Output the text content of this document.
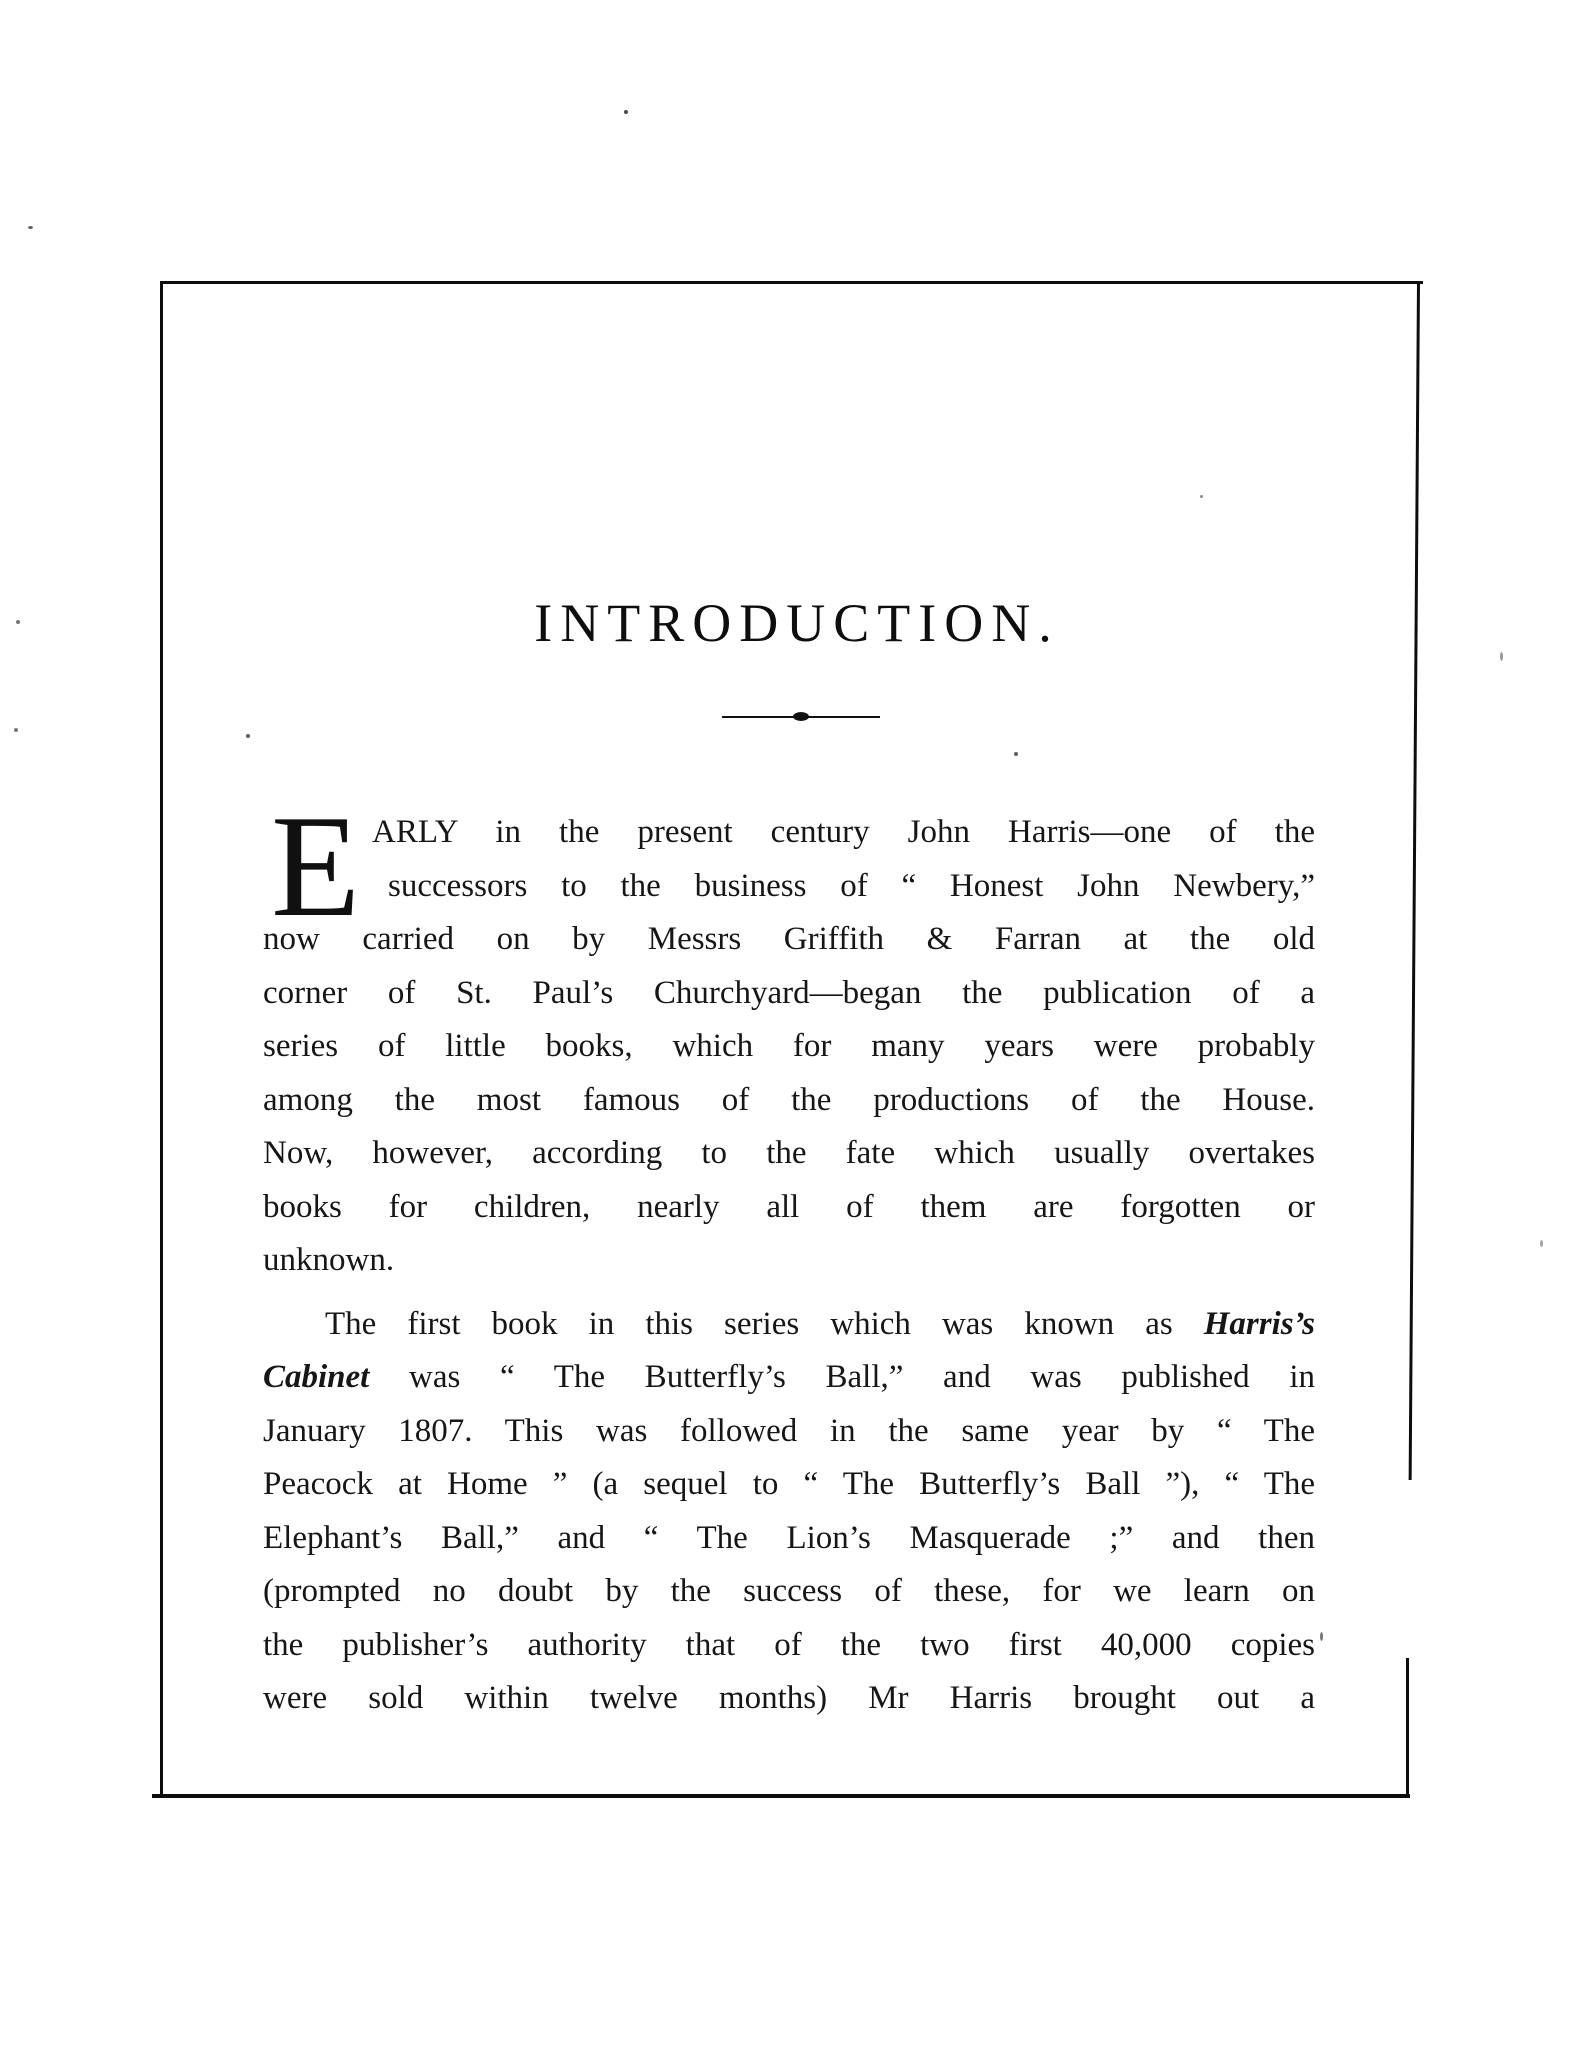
INTRODUCTION.
E ARLY in the present century John Harris—one of the
successors to the business of “ Honest John Newbery,”
now carried on by Messrs Griffith & Farran at the old
corner of St. Paul’s Churchyard—began the publication of a
series of little books, which for many years were probably
among the most famous of the productions of the House.
Now, however, according to the fate which usually overtakes
books for children, nearly all of them are forgotten or
unknown.
The first book in this series which was known as Harris’s
Cabinet was “ The Butterfly’s Ball,” and was published in
January 1807. This was followed in the same year by “ The
Peacock at Home ” (a sequel to “ The Butterfly’s Ball ”), “ The
Elephant’s Ball,” and “ The Lion’s Masquerade ;” and then
(prompted no doubt by the success of these, for we learn on
the publisher’s authority that of the two first 40,000 copies
were sold within twelve months) Mr Harris brought out a
